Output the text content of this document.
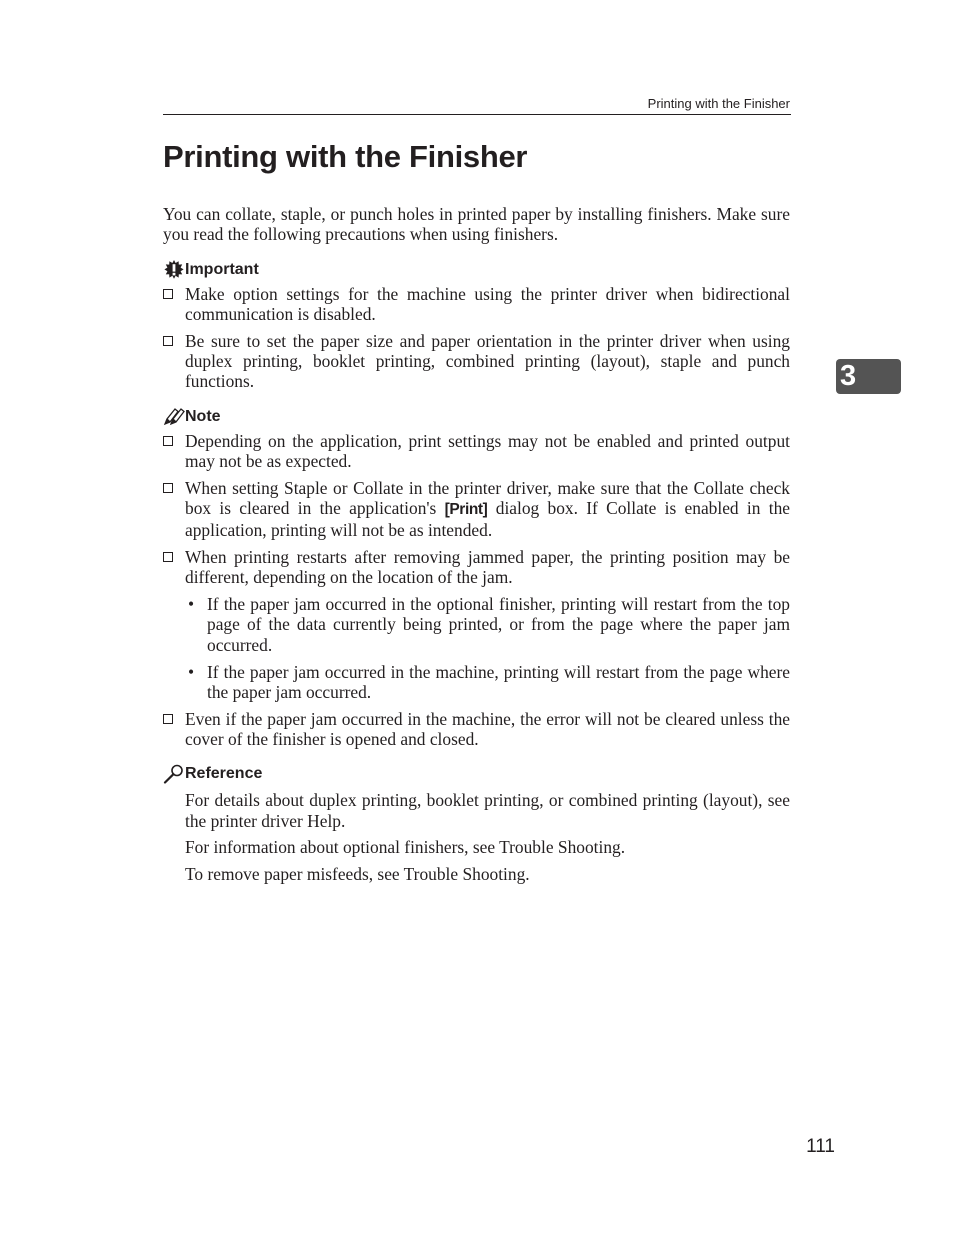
Printing with the Finisher
Printing with the Finisher
3

You can collate, staple, or punch holes in printed paper by installing finishers. Make sure you read the following precautions when using finishers.

Important
Make option settings for the machine using the printer driver when bidirectional communication is disabled.
Be sure to set the paper size and paper orientation in the printer driver when using duplex printing, booklet printing, combined printing (layout), staple and punch functions.
Note
Depending on the application, print settings may not be enabled and printed output may not be as expected.
When setting Staple or Collate in the printer driver, make sure that the Collate check box is cleared in the application's [Print] dialog box. If Collate is enabled in the application, printing will not be as intended.
When printing restarts after removing jammed paper, the printing position may be different, depending on the location of the jam.
• If the paper jam occurred in the optional finisher, printing will restart from the top page of the data currently being printed, or from the page where the paper jam occurred.
• If the paper jam occurred in the machine, printing will restart from the page where the paper jam occurred.
Even if the paper jam occurred in the machine, the error will not be cleared unless the cover of the finisher is opened and closed.
Reference

For details about duplex printing, booklet printing, or combined printing (layout), see the printer driver Help.

For information about optional finishers, see Trouble Shooting.

To remove paper misfeeds, see Trouble Shooting.

111
